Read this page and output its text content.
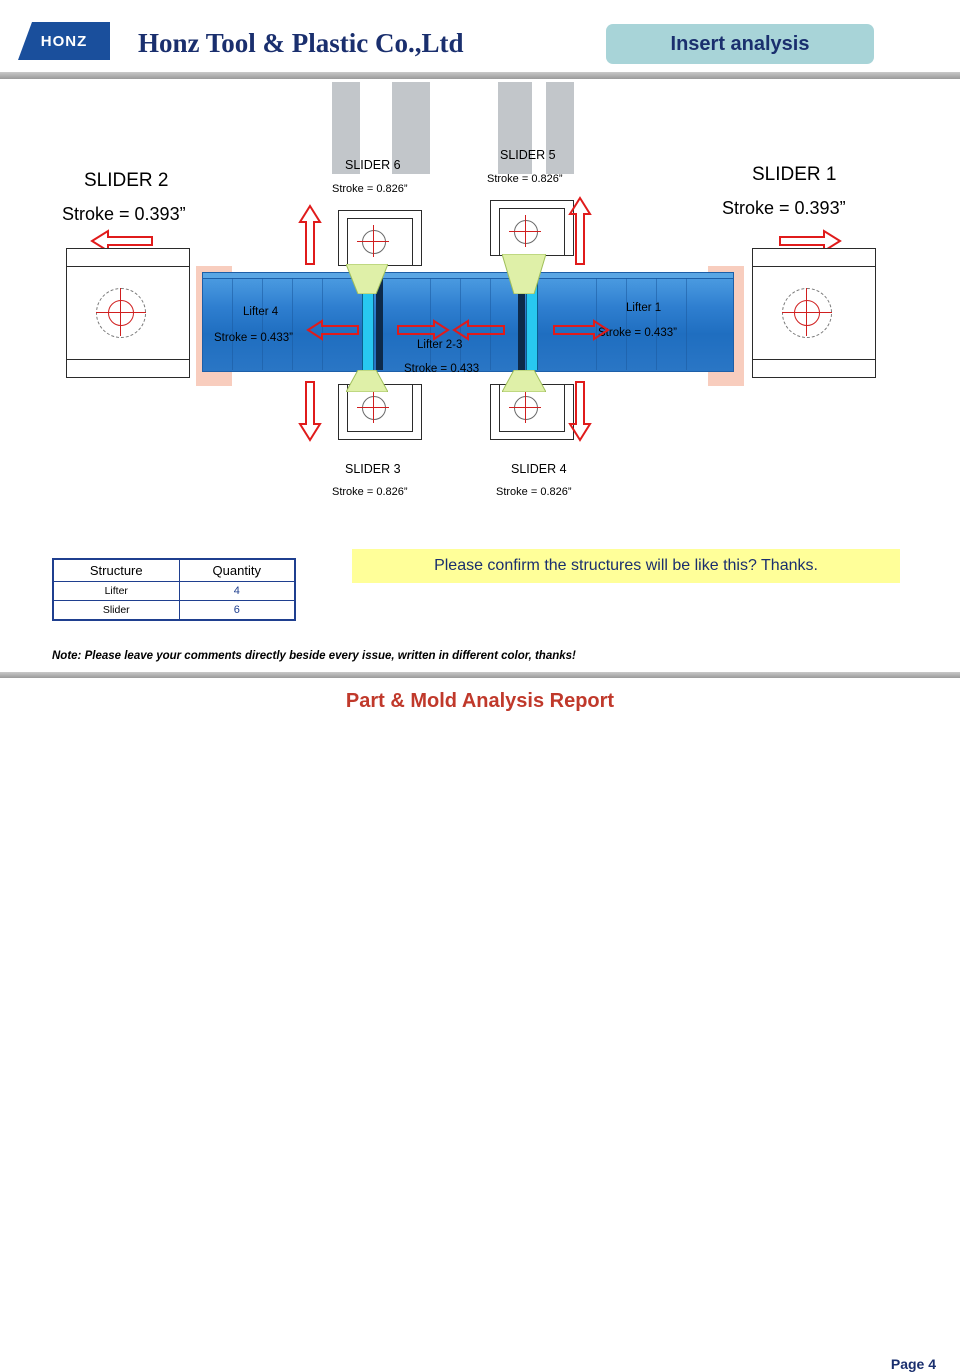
HONZ Honz Tool & Plastic Co.,Ltd	Insert analysis
SLIDER 2
Stroke = 0.393”
SLIDER 1
Stroke = 0.393”
SLIDER 6
Stroke = 0.826”
SLIDER 5
Stroke = 0.826”
SLIDER 3
Stroke = 0.826”
SLIDER 4
Stroke = 0.826”
Lifter 4
Stroke = 0.433”
Lifter 1
Stroke = 0.433”
Lifter 2-3
Stroke = 0.433
Structure	Quantity
Lifter	4
Slider	6
Please confirm the structures will be like this? Thanks.
Note: Please leave your comments directly beside every issue, written in different color, thanks!
Page 4
Part & Mold Analysis Report
